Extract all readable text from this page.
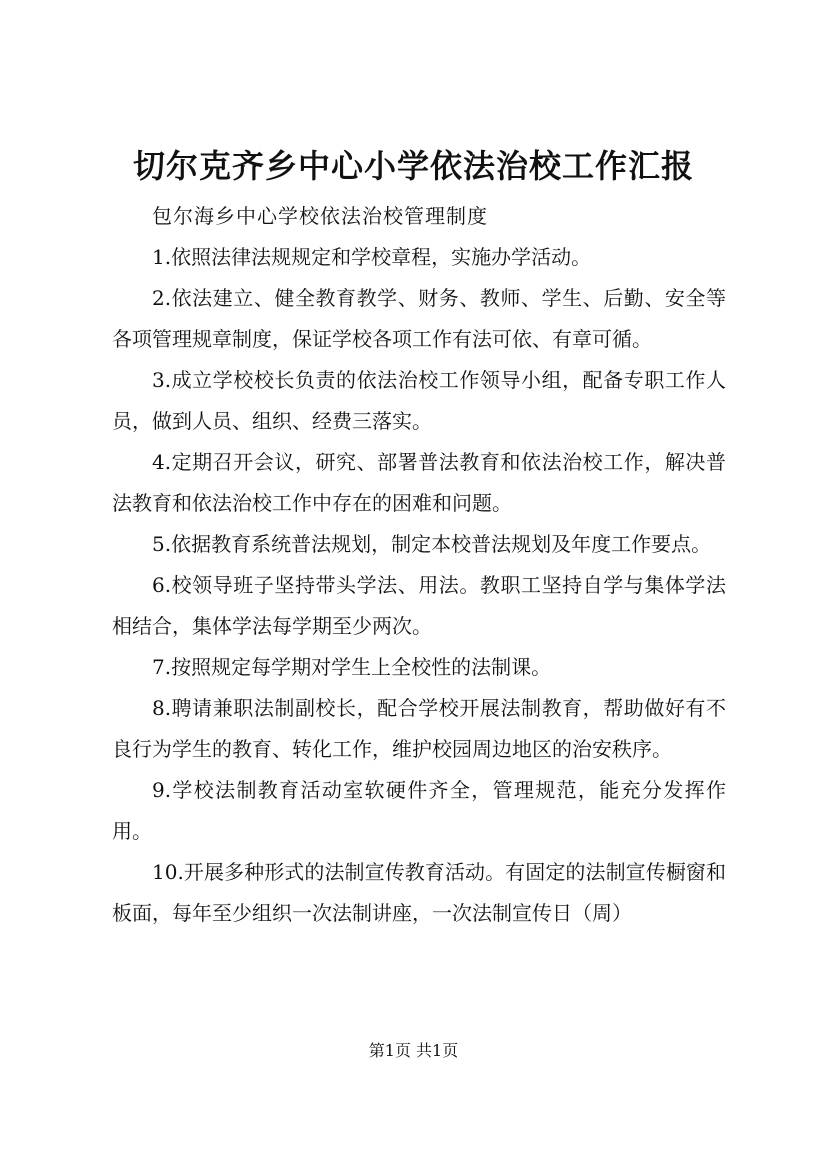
切尔克齐乡中心小学依法治校工作汇报

包尔海乡中心学校依法治校管理制度

1.依照法律法规规定和学校章程，实施办学活动。

2.依法建立、健全教育教学、财务、教师、学生、后勤、安全等各项管理规章制度，保证学校各项工作有法可依、有章可循。

3.成立学校校长负责的依法治校工作领导小组，配备专职工作人员，做到人员、组织、经费三落实。

4.定期召开会议，研究、部署普法教育和依法治校工作，解决普法教育和依法治校工作中存在的困难和问题。

5.依据教育系统普法规划，制定本校普法规划及年度工作要点。

6.校领导班子坚持带头学法、用法。教职工坚持自学与集体学法相结合，集体学法每学期至少两次。

7.按照规定每学期对学生上全校性的法制课。

8.聘请兼职法制副校长，配合学校开展法制教育，帮助做好有不良行为学生的教育、转化工作，维护校园周边地区的治安秩序。

9.学校法制教育活动室软硬件齐全，管理规范，能充分发挥作用。

10.开展多种形式的法制宣传教育活动。有固定的法制宣传橱窗和板面，每年至少组织一次法制讲座，一次法制宣传日（周）

第1页 共1页
